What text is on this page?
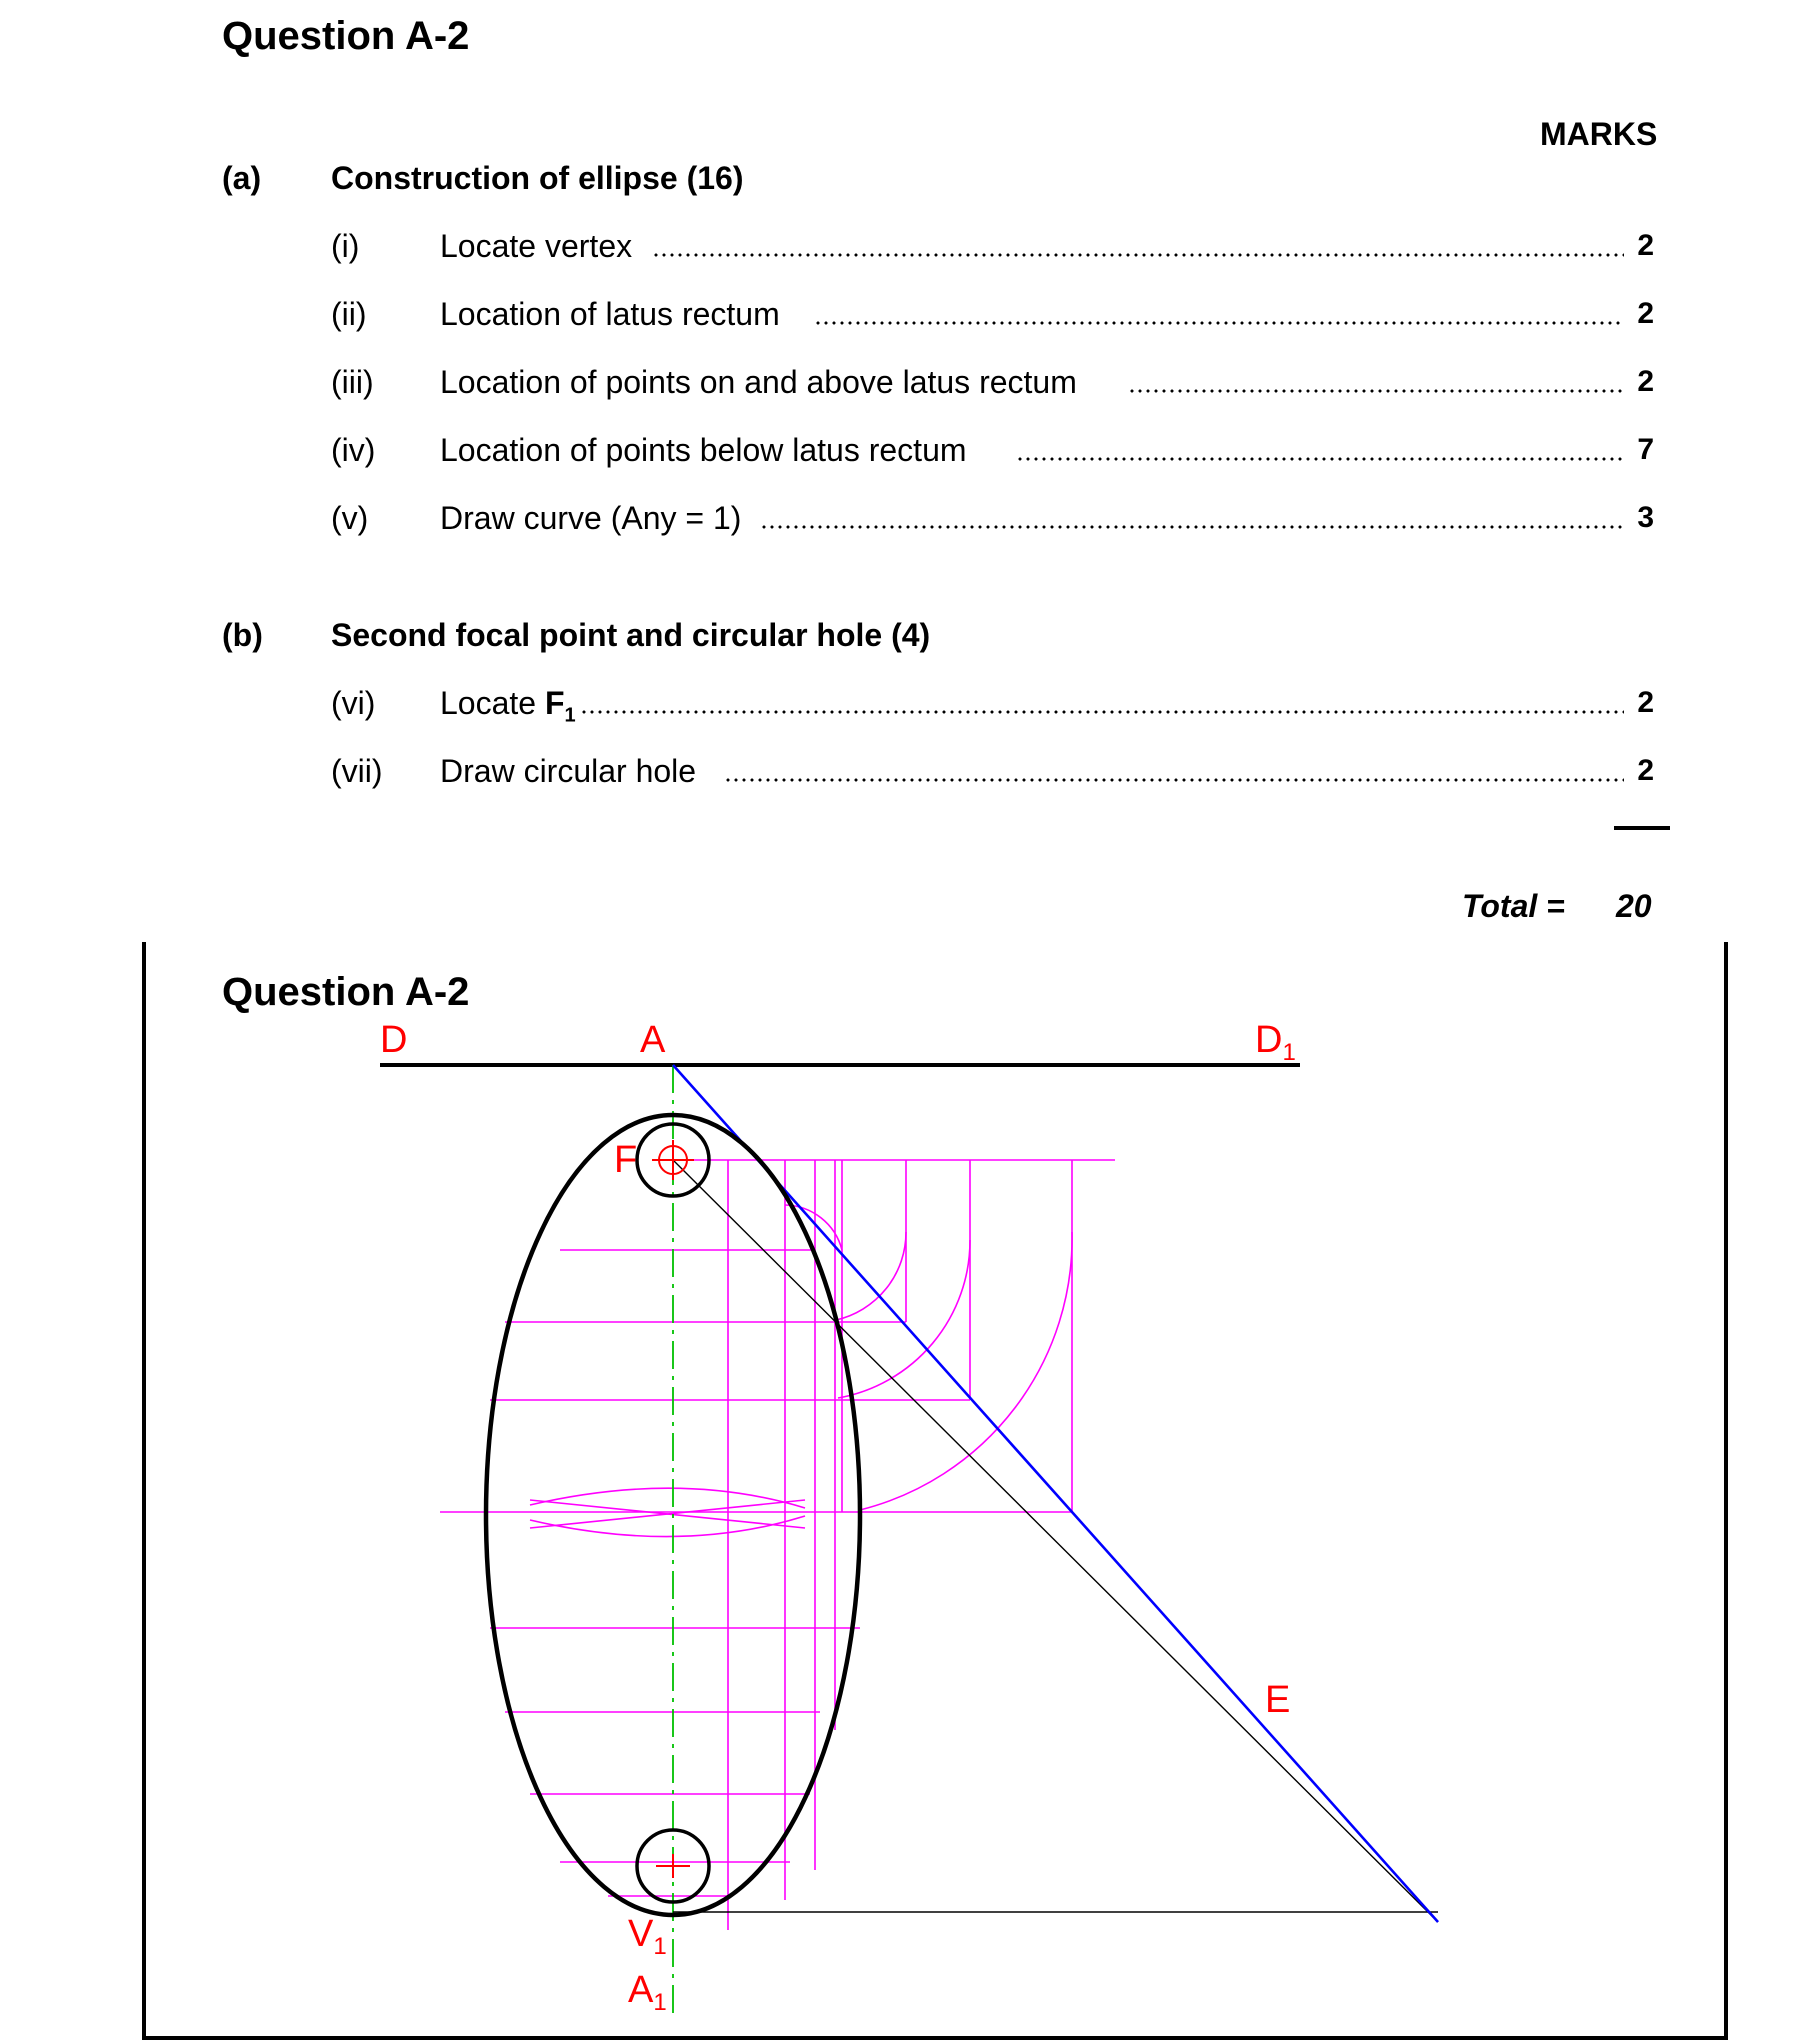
Question A-2
MARKS
(a) Construction of ellipse (16)
(i)	Locate vertex	2
(ii) Location of latus rectum	2
(iii) Location of points on and above latus rectum	2
(iv) Location of points below latus rectum	7
(v) Draw curve (Any = 1)	3
(b) Second focal point and circular hole (4)
(vi) Locate $F_1$	2
(vii) Draw circular hole	2
Total = 20
Question A-2
D	A	$D_1$
F
E
$V_1$
$A_1$
